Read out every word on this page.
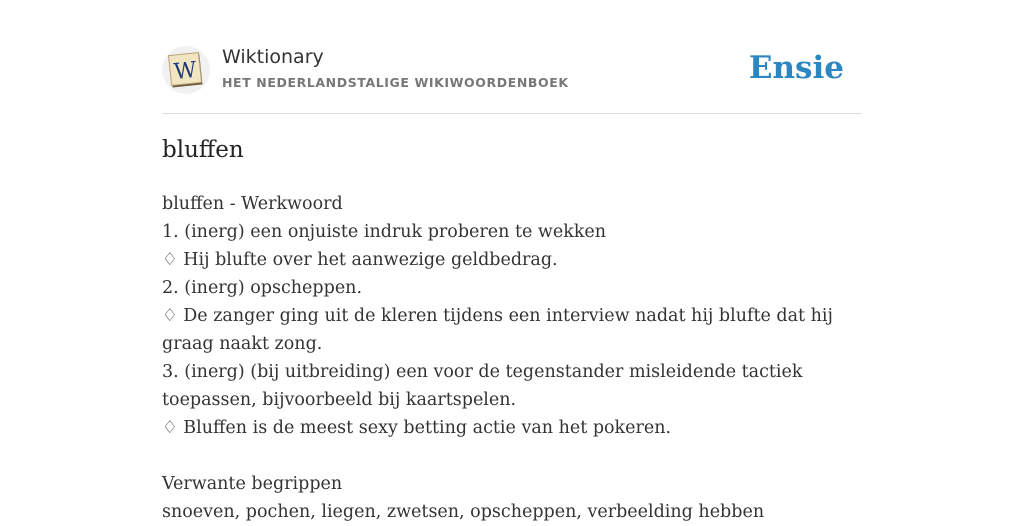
W
Wiktionary
HET NEDERLANDSTALIGE WIKIWOORDENBOEK	Ensie
bluffen

bluffen - Werkwoord

1. (inerg) een onjuiste indruk proberen te wekken

♢ Hij blufte over het aanwezige geldbedrag.

2. (inerg) opscheppen.

♢ De zanger ging uit de kleren tijdens een interview nadat hij blufte dat hij graag naakt zong.

3. (inerg) (bij uitbreiding) een voor de tegenstander misleidende tactiek toepassen, bijvoorbeeld bij kaartspelen.

♢ Bluffen is de meest sexy betting actie van het pokeren.

Verwante begrippen

snoeven, pochen, liegen, zwetsen, opscheppen, verbeelding hebben
